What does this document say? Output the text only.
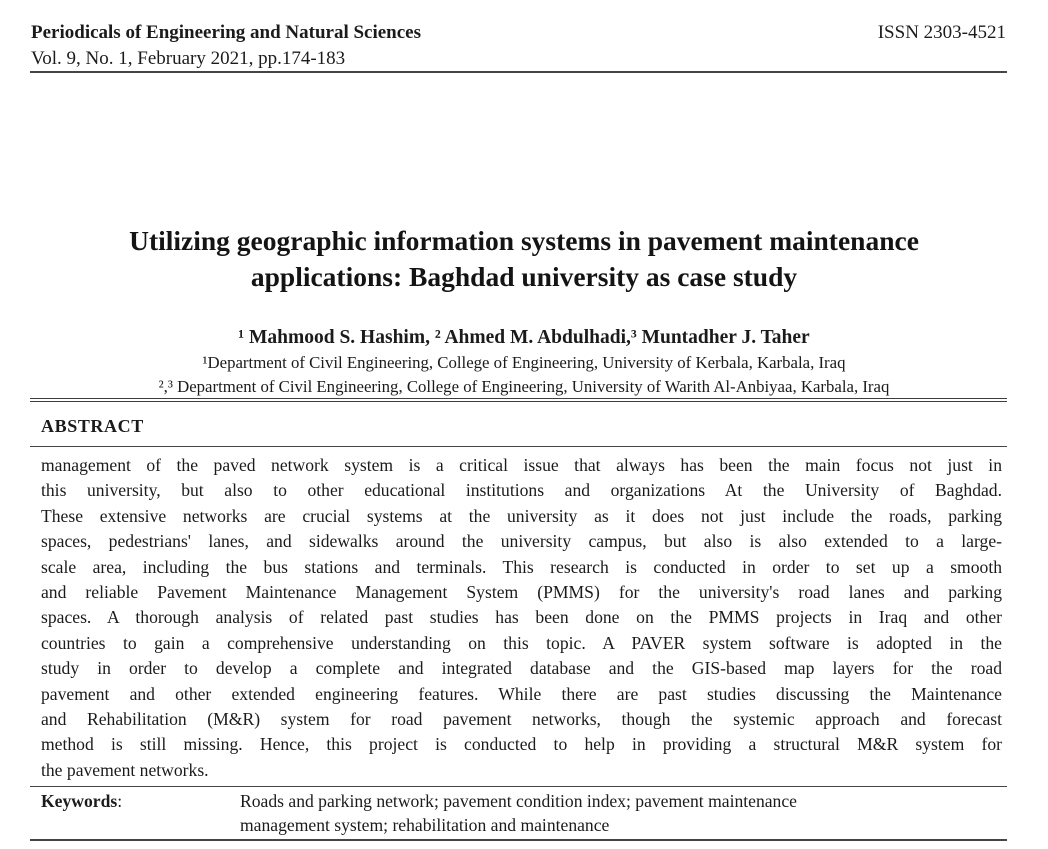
Periodicals of Engineering and Natural Sciences	ISSN 2303-4521
Vol. 9, No. 1, February 2021, pp.174-183
Utilizing geographic information systems in pavement maintenance
applications: Baghdad university as case study
¹ Mahmood S. Hashim, ² Ahmed M. Abdulhadi,³ Muntadher J. Taher
¹Department of Civil Engineering, College of Engineering, University of Kerbala, Karbala, Iraq
²,³ Department of Civil Engineering, College of Engineering, University of Warith Al-Anbiyaa, Karbala, Iraq
ABSTRACT
management of the paved network system is a critical issue that always has been the main focus not just in
this university, but also to other educational institutions and organizations At the University of Baghdad.
These extensive networks are crucial systems at the university as it does not just include the roads, parking
spaces, pedestrians' lanes, and sidewalks around the university campus, but also is also extended to a large-
scale area, including the bus stations and terminals. This research is conducted in order to set up a smooth
and reliable Pavement Maintenance Management System (PMMS) for the university's road lanes and parking
spaces. A thorough analysis of related past studies has been done on the PMMS projects in Iraq and other
countries to gain a comprehensive understanding on this topic. A PAVER system software is adopted in the
study in order to develop a complete and integrated database and the GIS-based map layers for the road
pavement and other extended engineering features. While there are past studies discussing the Maintenance
and Rehabilitation (M&R) system for road pavement networks, though the systemic approach and forecast
method is still missing. Hence, this project is conducted to help in providing a structural M&R system for
the pavement networks.
Keywords:	Roads and parking network; pavement condition index; pavement maintenance
management system; rehabilitation and maintenance
